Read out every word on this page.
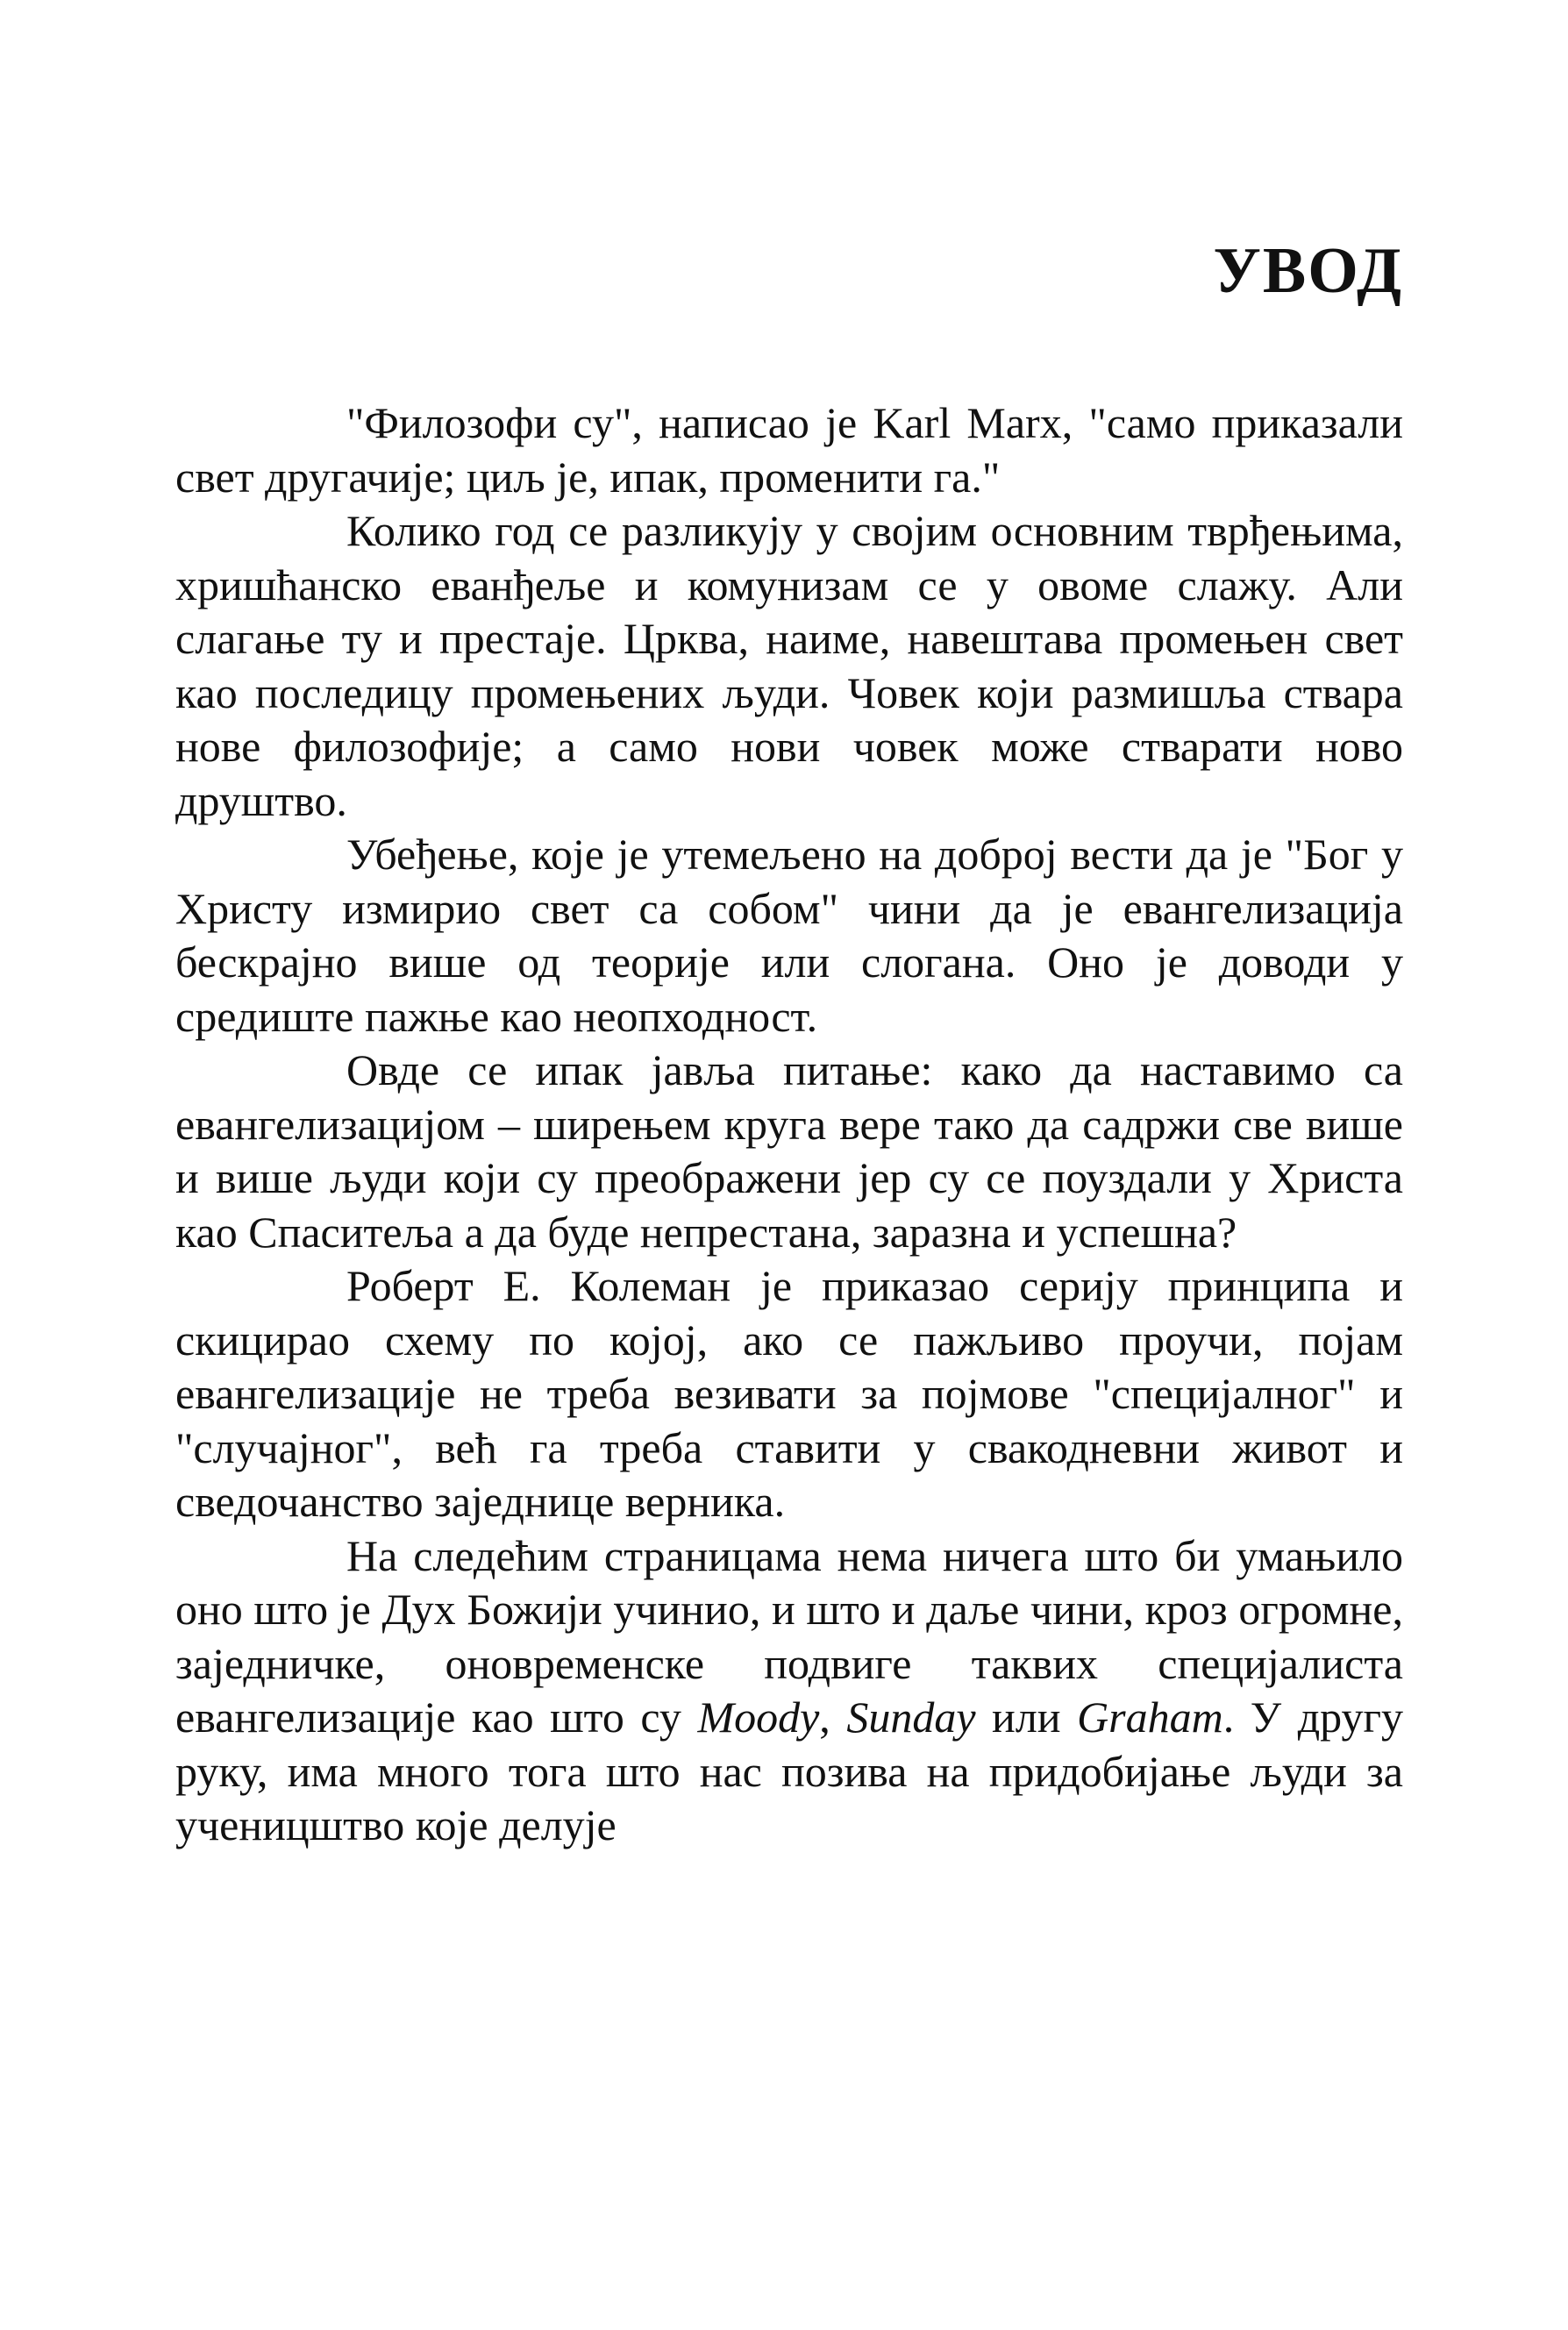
УВОД

"Филозофи су", написао је Karl Marx, "само приказали свет другачије; циљ је, ипак, променити га."

Колико год се разликују у својим основним тврђењима, хришћанско еванђеље и комунизам се у овоме слажу. Али слагање ту и престаје. Црква, наиме, навештава промењен свет као последицу промењених људи. Човек који размишља ствара нове филозофије; а само нови човек може стварати ново друштво.

Убеђење, које је утемељено на доброј вести да је "Бог у Христу измирио свет са собом" чини да је евангелизација бескрајно више од теорије или слогана. Оно је доводи у средиште пажње као неопходност.

Овде се ипак јавља питање: како да наставимо са евангелизацијом – ширењем круга вере тако да садржи све више и више људи који су преображени јер су се поуздали у Христа као Спаситеља а да буде непрестана, заразна и успешна?

Роберт Е. Колеман је приказао серију принципа и скицирао схему по којој, ако се пажљиво проучи, појам евангелизације не треба везивати за појмове "специјалног" и "случајног", већ га треба ставити у свакодневни живот и сведочанство заједнице верника.

На следећим страницама нема ничега што би умањило оно што је Дух Божији учинио, и што и даље чини, кроз огромне, заједничке, оновременске подвиге таквих специјалиста евангелизације као што су Moody, Sunday или Graham. У другу руку, има много тога што нас позива на придобијање људи за ученицштво које делује
